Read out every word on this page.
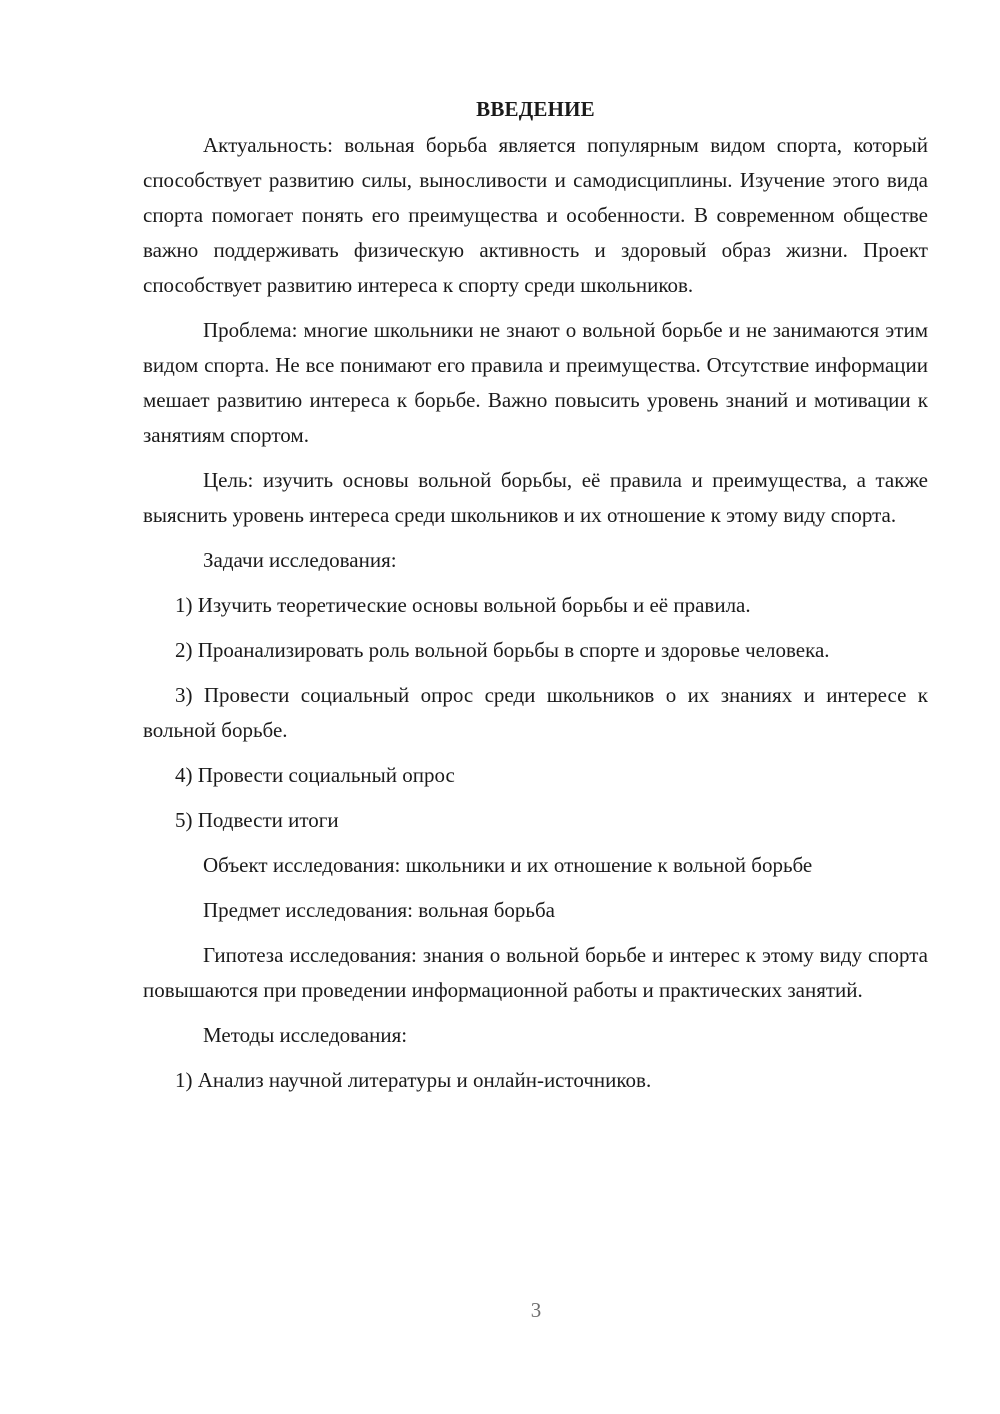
ВВЕДЕНИЕ

Актуальность: вольная борьба является популярным видом спорта, который способствует развитию силы, выносливости и самодисциплины. Изучение этого вида спорта помогает понять его преимущества и особенности. В современном обществе важно поддерживать физическую активность и здоровый образ жизни. Проект способствует развитию интереса к спорту среди школьников.

Проблема: многие школьники не знают о вольной борьбе и не занимаются этим видом спорта. Не все понимают его правила и преимущества. Отсутствие информации мешает развитию интереса к борьбе. Важно повысить уровень знаний и мотивации к занятиям спортом.

Цель: изучить основы вольной борьбы, её правила и преимущества, а также выяснить уровень интереса среди школьников и их отношение к этому виду спорта.

Задачи исследования:

1) Изучить теоретические основы вольной борьбы и её правила.

2) Проанализировать роль вольной борьбы в спорте и здоровье человека.

3) Провести социальный опрос среди школьников о их знаниях и интересе к вольной борьбе.

4) Провести социальный опрос

5) Подвести итоги

Объект исследования: школьники и их отношение к вольной борьбе

Предмет исследования: вольная борьба

Гипотеза исследования: знания о вольной борьбе и интерес к этому виду спорта повышаются при проведении информационной работы и практических занятий.

Методы исследования:

1) Анализ научной литературы и онлайн-источников.

3
